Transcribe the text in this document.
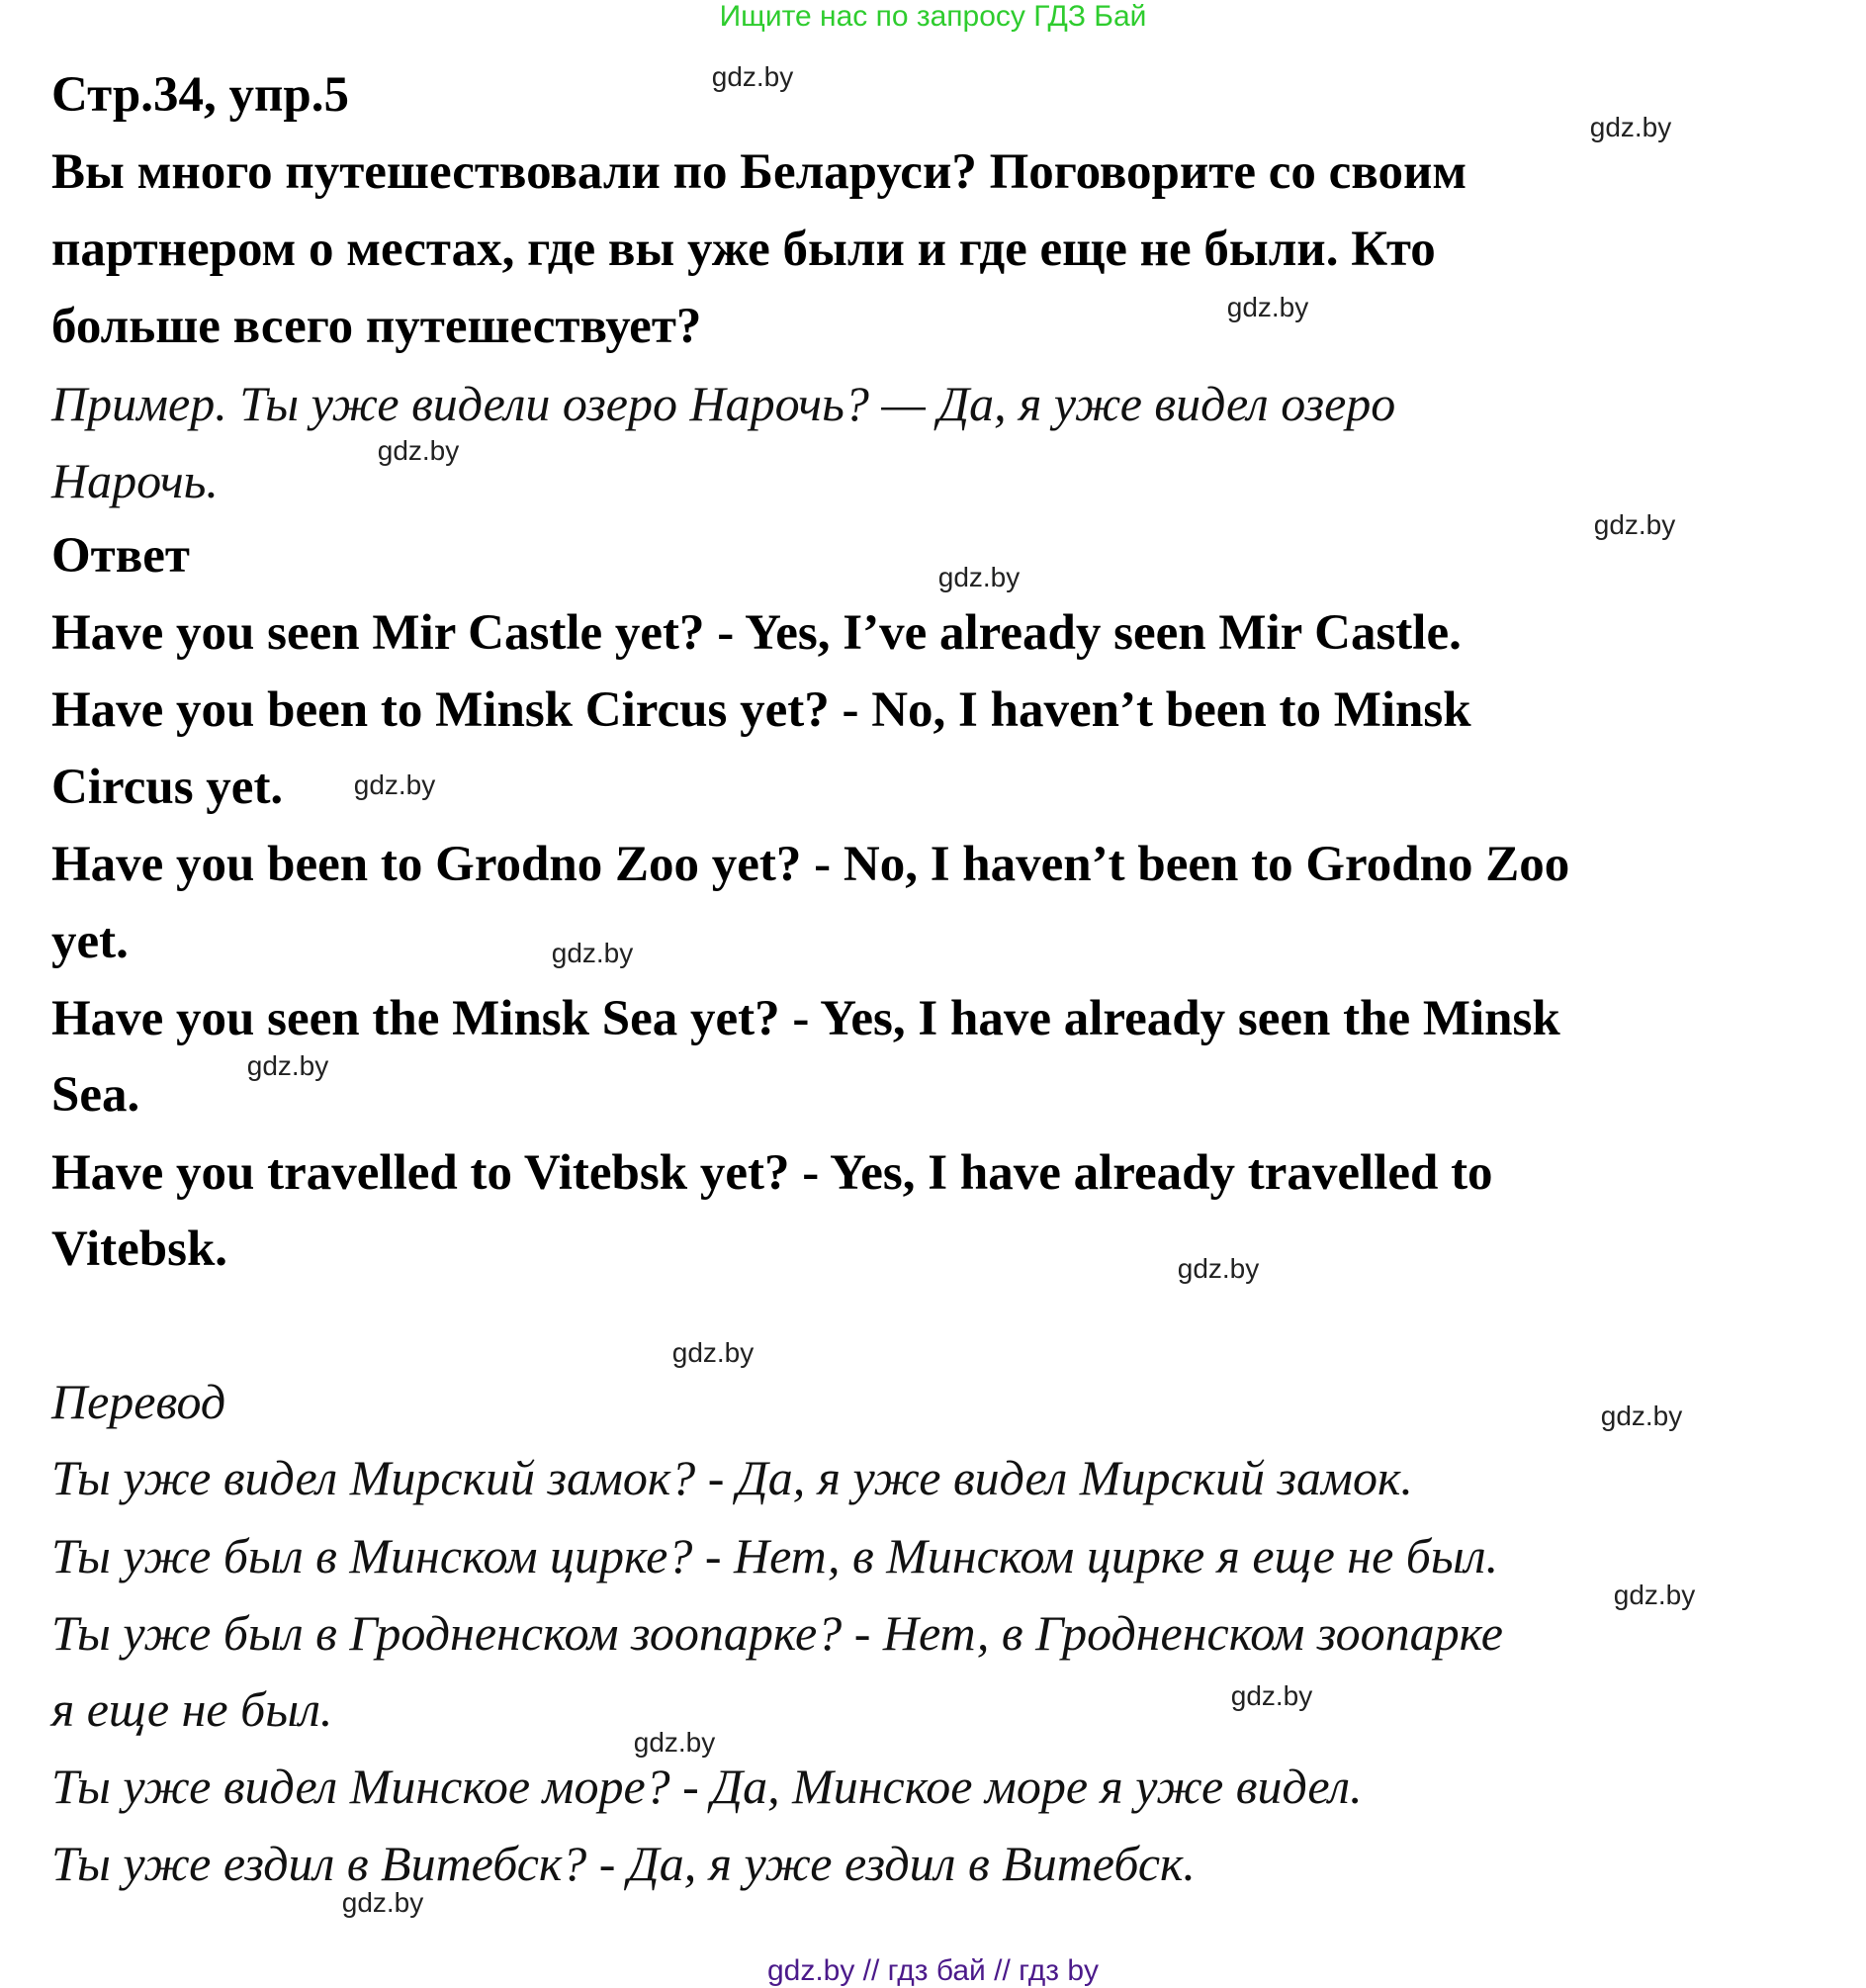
Ищите нас по запросу ГДЗ Бай
Стр.34, упр.5
Вы много путешествовали по Беларуси? Поговорите со своим
партнером о местах, где вы уже были и где еще не были. Кто
больше всего путешествует?
Пример. Ты уже видели озеро Нарочь? — Да, я уже видел озеро
Нарочь.
Ответ
Have you seen Mir Castle yet? - Yes, I’ve already seen Mir Castle.
Have you been to Minsk Circus yet? - No, I haven’t been to Minsk
Circus yet.
Have you been to Grodno Zoo yet? - No, I haven’t been to Grodno Zoo
yet.
Have you seen the Minsk Sea yet? - Yes, I have already seen the Minsk
Sea.
Have you travelled to Vitebsk yet? - Yes, I have already travelled to
Vitebsk.
Перевод
Ты уже видел Мирский замок? - Да, я уже видел Мирский замок.
Ты уже был в Минском цирке? - Нет, в Минском цирке я еще не был.
Ты уже был в Гродненском зоопарке? - Нет, в Гродненском зоопарке
я еще не был.
Ты уже видел Минское море? - Да, Минское море я уже видел.
Ты уже ездил в Витебск? - Да, я уже ездил в Витебск.
gdz.by
gdz.by
gdz.by
gdz.by
gdz.by
gdz.by
gdz.by
gdz.by
gdz.by
gdz.by
gdz.by
gdz.by
gdz.by
gdz.by
gdz.by
gdz.by
gdz.by // гдз бай // гдз by
